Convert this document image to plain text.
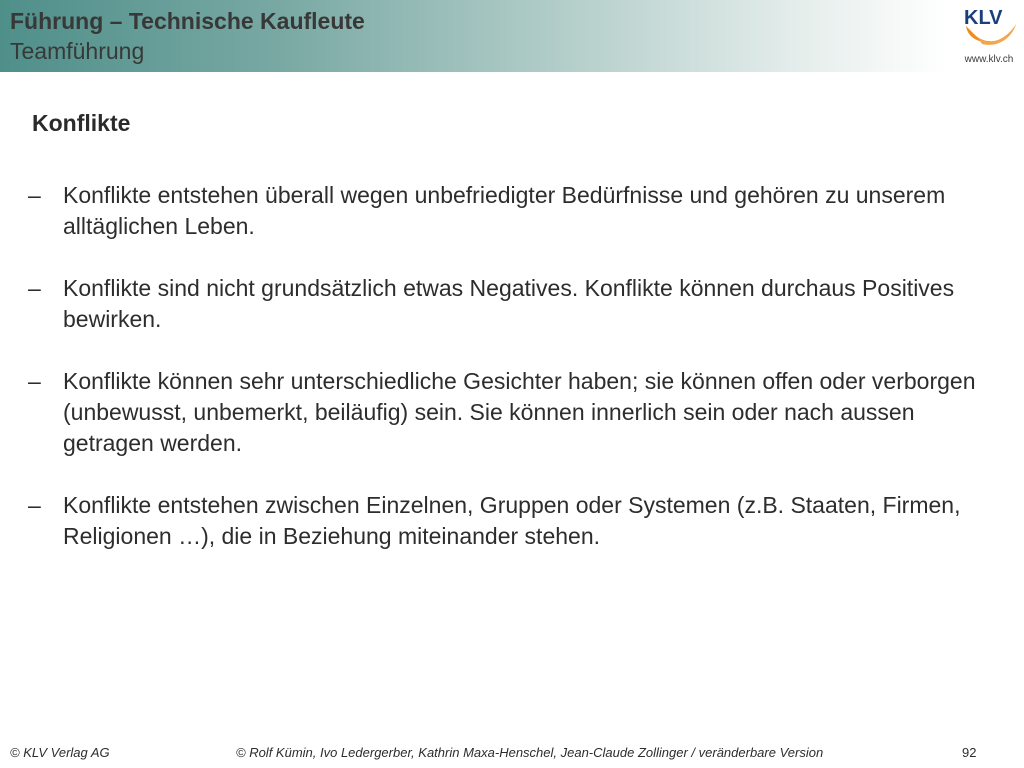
Führung – Technische Kaufleute
Teamführung
KLV
www.klv.ch
Konflikte
– Konflikte entstehen überall wegen unbefriedigter Bedürfnisse und gehören zu unserem alltäglichen Leben.
– Konflikte sind nicht grundsätzlich etwas Negatives. Konflikte können durchaus Positives bewirken.
– Konflikte können sehr unterschiedliche Gesichter haben; sie können offen oder verborgen (unbewusst, unbemerkt, beiläufig) sein. Sie können innerlich sein oder nach aussen getragen werden.
– Konflikte entstehen zwischen Einzelnen, Gruppen oder Systemen (z.B. Staaten, Firmen, Religionen …), die in Beziehung miteinander stehen.
© KLV Verlag AG	© Rolf Kümin, Ivo Ledergerber, Kathrin Maxa-Henschel, Jean-Claude Zollinger / veränderbare Version	92
